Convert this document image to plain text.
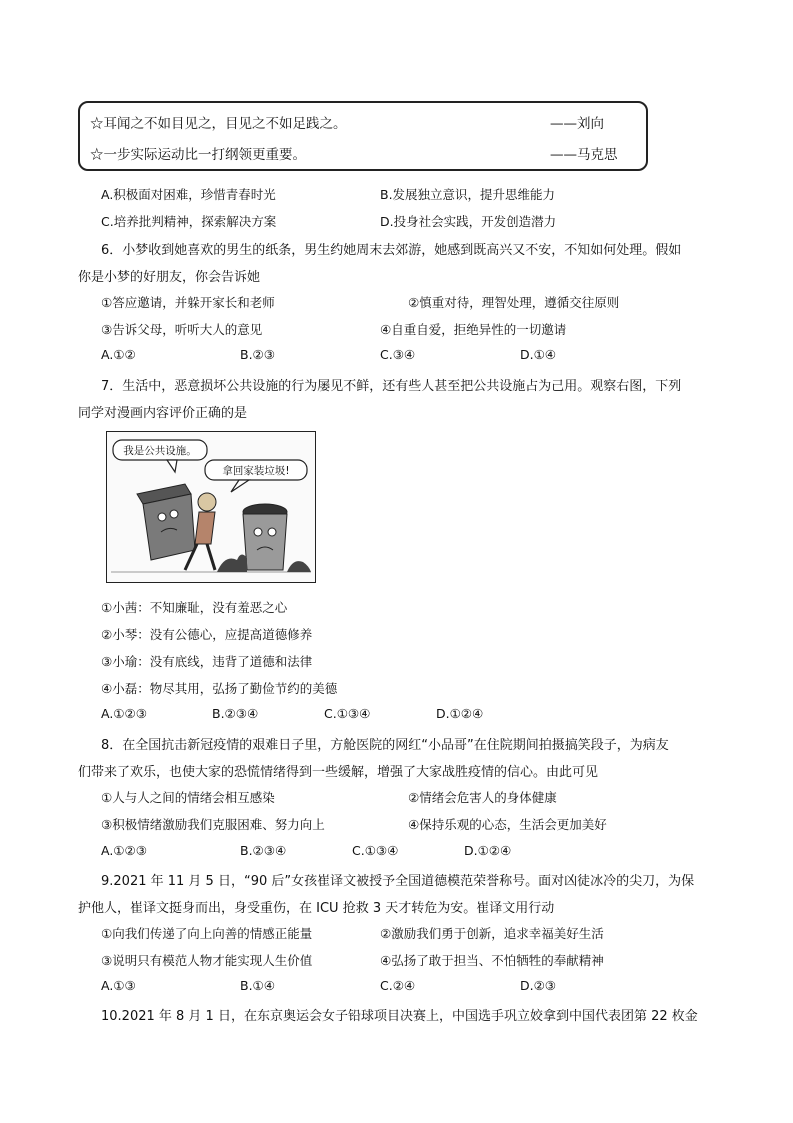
☆耳闻之不如目见之，目见之不如足践之。	——刘向
☆一步实际运动比一打纲领更重要。	——马克思
A.积极面对困难，珍惜青春时光	B.发展独立意识，提升思维能力
C.培养批判精神，探索解决方案	D.投身社会实践，开发创造潜力
6．小梦收到她喜欢的男生的纸条，男生约她周末去郊游，她感到既高兴又不安，不知如何处理。假如
你是小梦的好朋友，你会告诉她
①答应邀请，并躲开家长和老师	②慎重对待，理智处理，遵循交往原则
③告诉父母，听听大人的意见	④自重自爱，拒绝异性的一切邀请
A.①②	B.②③	C.③④	D.①④
7．生活中，恶意损坏公共设施的行为屡见不鲜，还有些人甚至把公共设施占为己用。观察右图，下列
同学对漫画内容评价正确的是
我是公共设施。
拿回家装垃圾!
①小茜：不知廉耻，没有羞恶之心
②小琴：没有公德心，应提高道德修养
③小瑜：没有底线，违背了道德和法律
④小磊：物尽其用，弘扬了勤俭节约的美德
A.①②③	B.②③④	C.①③④	D.①②④
8．在全国抗击新冠疫情的艰难日子里，方舱医院的网红“小品哥”在住院期间拍摄搞笑段子，为病友
们带来了欢乐，也使大家的恐慌情绪得到一些缓解，增强了大家战胜疫情的信心。由此可见
①人与人之间的情绪会相互感染	②情绪会危害人的身体健康
③积极情绪激励我们克服困难、努力向上	④保持乐观的心态，生活会更加美好
A.①②③	B.②③④	C.①③④	D.①②④
9.2021 年 11 月 5 日，“90 后”女孩崔译文被授予全国道德模范荣誉称号。面对凶徒冰冷的尖刀，为保
护他人，崔译文挺身而出，身受重伤，在 ICU 抢救 3 天才转危为安。崔译文用行动
①向我们传递了向上向善的情感正能量	②激励我们勇于创新，追求幸福美好生活
③说明只有模范人物才能实现人生价值	④弘扬了敢于担当、不怕牺牲的奉献精神
A.①③	B.①④	C.②④	D.②③
10.2021 年 8 月 1 日，在东京奥运会女子铅球项目决赛上，中国选手巩立姣拿到中国代表团第 22 枚金
